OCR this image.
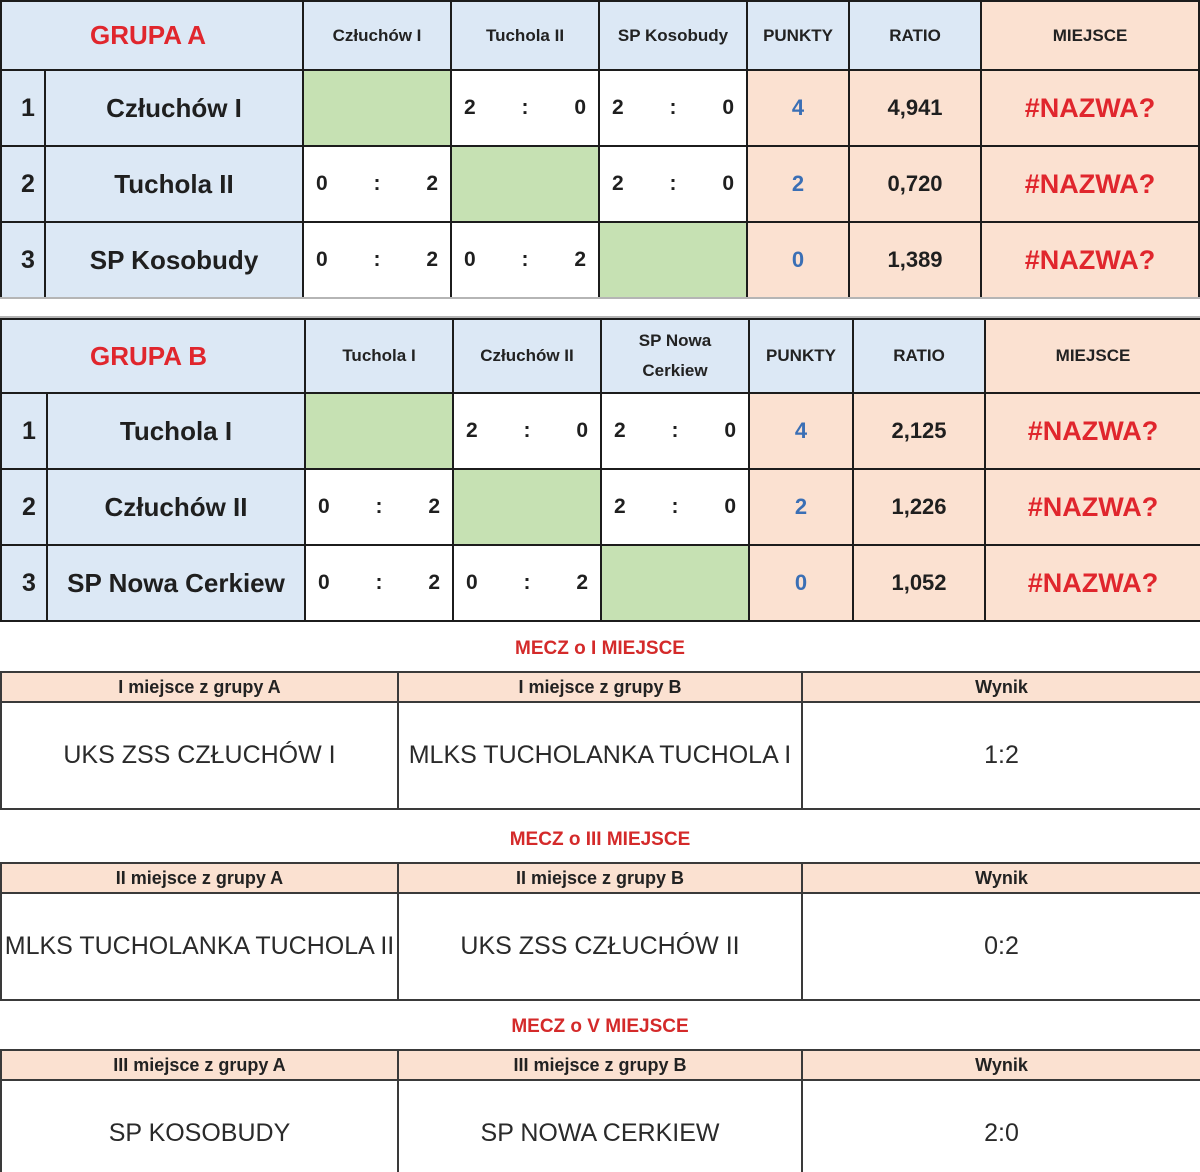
GRUPA A		Człuchów I	Tuchola II	SP Kosobudy	PUNKTY	RATIO	MIEJSCE
1	Człuchów I		2 : 0	2 : 0	4	4,941	#NAZWA?
2	Tuchola II	0 : 2		2 : 0	2	0,720	#NAZWA?
3	SP Kosobudy	0 : 2	0 : 2		0	1,389	#NAZWA?
GRUPA B		Tuchola I	Człuchów II	SP Nowa Cerkiew	PUNKTY	RATIO	MIEJSCE
1	Tuchola I		2 : 0	2 : 0	4	2,125	#NAZWA?
2	Człuchów II	0 : 2		2 : 0	2	1,226	#NAZWA?
3	SP Nowa Cerkiew	0 : 2	0 : 2		0	1,052	#NAZWA?
MECZ o I MIEJSCE
I miejsce z grupy A	I miejsce z grupy B	Wynik
UKS ZSS CZŁUCHÓW I	MLKS TUCHOLANKA TUCHOLA I	1:2
MECZ o III MIEJSCE
II miejsce z grupy A	II miejsce z grupy B	Wynik
MLKS TUCHOLANKA TUCHOLA II	UKS ZSS CZŁUCHÓW II	0:2
MECZ o V MIEJSCE
III miejsce z grupy A	III miejsce z grupy B	Wynik
SP KOSOBUDY	SP NOWA CERKIEW	2:0
